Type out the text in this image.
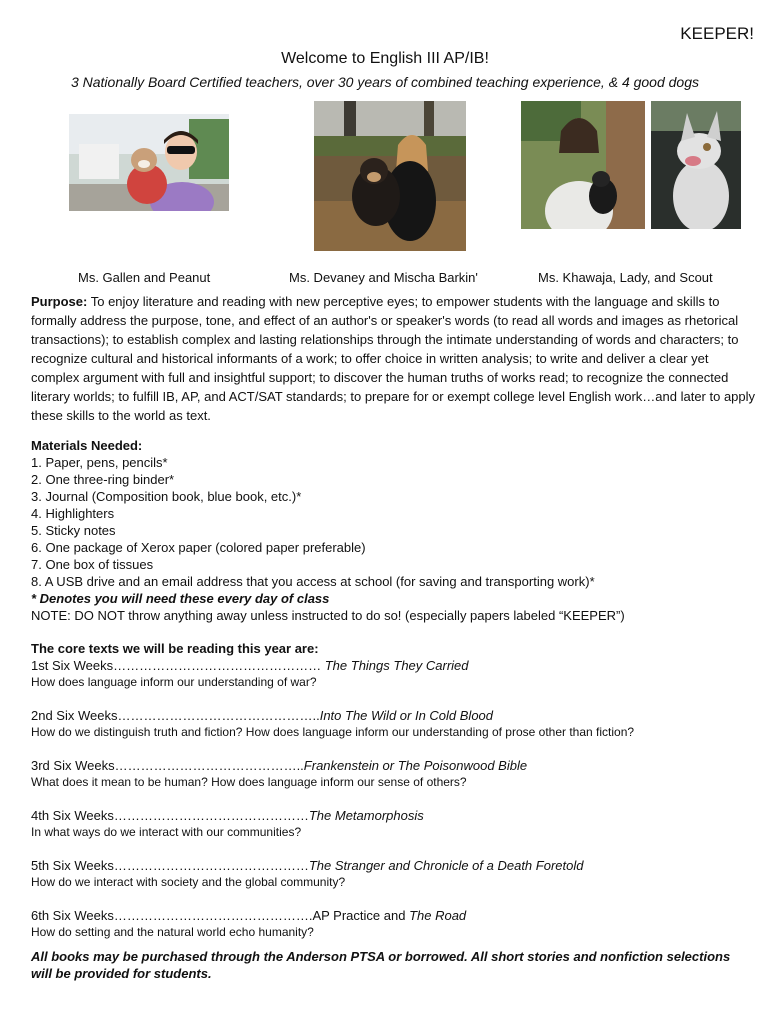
KEEPER!
Welcome to English III AP/IB!
3 Nationally Board Certified teachers, over 30 years of combined teaching experience, & 4 good dogs
Ms. Gallen and Peanut	Ms. Devaney and Mischa Barkin'	Ms. Khawaja, Lady, and Scout
Purpose: To enjoy literature and reading with new perceptive eyes; to empower students with the language and skills to formally address the purpose, tone, and effect of an author's or speaker's words (to read all words and images as rhetorical transactions); to establish complex and lasting relationships through the intimate understanding of words and characters; to recognize cultural and historical informants of a work; to offer choice in written analysis; to write and deliver a clear yet complex argument with full and insightful support; to discover the human truths of works read; to recognize the connected literary worlds; to fulfill IB, AP, and ACT/SAT standards; to prepare for or exempt college level English work…and later to apply these skills to the world as text.
Materials Needed:
1. Paper, pens, pencils*
2. One three-ring binder*
3. Journal (Composition book, blue book, etc.)*
4. Highlighters
5. Sticky notes
6. One package of Xerox paper (colored paper preferable)
7. One box of tissues
8. A USB drive and an email address that you access at school (for saving and transporting work)*
* Denotes you will need these every day of class
NOTE: DO NOT throw anything away unless instructed to do so! (especially papers labeled “KEEPER”)
The core texts we will be reading this year are:
1st Six Weeks………………………………………… The Things They Carried
How does language inform our understanding of war?
2nd Six Weeks………………………………………..Into The Wild or In Cold Blood
How do we distinguish truth and fiction? How does language inform our understanding of prose other than fiction?
3rd Six Weeks……………………………………..Frankenstein or The Poisonwood Bible
What does it mean to be human? How does language inform our sense of others?
4th Six Weeks………………………………………The Metamorphosis
In what ways do we interact with our communities?
5th Six Weeks………………………………………The Stranger and Chronicle of a Death Foretold
How do we interact with society and the global community?
6th Six Weeks……………………………………….AP Practice and The Road
How do setting and the natural world echo humanity?
All books may be purchased through the Anderson PTSA or borrowed. All short stories and nonfiction selections will be provided for students.
